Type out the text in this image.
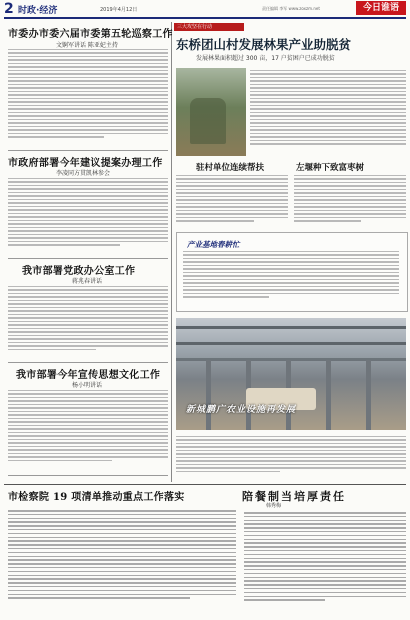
2 时政·经济	2019年4月12日	责任编辑 李军 www.zoxzm.net	今日谁语
市委办市委六届市委第五轮巡察工作
文婀军讲话 陈亚妃主持
市政府部署今年建议提案办理工作
李凌同方贯凯林参会
我市部署党政办公室工作
蒋兆春讲话
我市部署今年宣传思想文化工作
杨小明讲话
市检察院 19 项清单推动重点工作落实
三大攻坚在行动
东桥团山村发展林果产业助脱贫
发展林果面积超过 300 亩，17 户贫困户已成功脱贫
驻村单位连续帮扶	左堰种下致富枣树
产业基地春耕忙
新城鹏广农业设施再发展
陪餐制当培厚责任
韩秀梅
